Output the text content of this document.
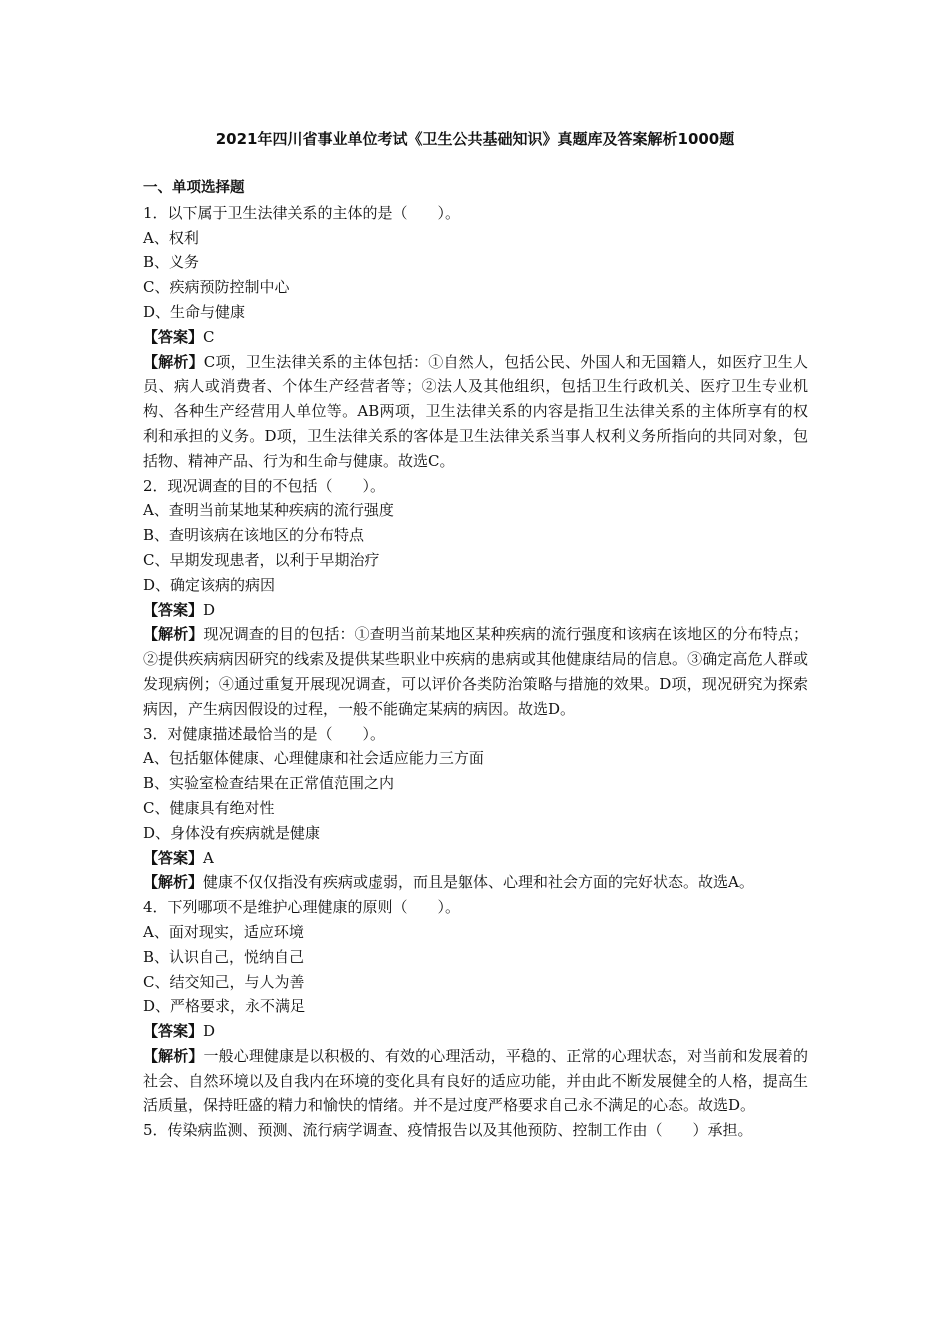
2021年四川省事业单位考试《卫生公共基础知识》真题库及答案解析1000题
一、单项选择题
1．以下属于卫生法律关系的主体的是（　　）。
A、权利
B、义务
C、疾病预防控制中心
D、生命与健康
【答案】C
【解析】C项，卫生法律关系的主体包括：①自然人，包括公民、外国人和无国籍人，如医疗卫生人员、病人或消费者、个体生产经营者等；②法人及其他组织，包括卫生行政机关、医疗卫生专业机构、各种生产经营用人单位等。AB两项，卫生法律关系的内容是指卫生法律关系的主体所享有的权利和承担的义务。D项，卫生法律关系的客体是卫生法律关系当事人权利义务所指向的共同对象，包括物、精神产品、行为和生命与健康。故选C。
2．现况调查的目的不包括（　　）。
A、查明当前某地某种疾病的流行强度
B、查明该病在该地区的分布特点
C、早期发现患者，以利于早期治疗
D、确定该病的病因
【答案】D
【解析】现况调查的目的包括：①查明当前某地区某种疾病的流行强度和该病在该地区的分布特点；②提供疾病病因研究的线索及提供某些职业中疾病的患病或其他健康结局的信息。③确定高危人群或发现病例；④通过重复开展现况调查，可以评价各类防治策略与措施的效果。D项，现况研究为探索病因，产生病因假设的过程，一般不能确定某病的病因。故选D。
3．对健康描述最恰当的是（　　）。
A、包括躯体健康、心理健康和社会适应能力三方面
B、实验室检查结果在正常值范围之内
C、健康具有绝对性
D、身体没有疾病就是健康
【答案】A
【解析】健康不仅仅指没有疾病或虚弱，而且是躯体、心理和社会方面的完好状态。故选A。
4．下列哪项不是维护心理健康的原则（　　）。
A、面对现实，适应环境
B、认识自己，悦纳自己
C、结交知己，与人为善
D、严格要求，永不满足
【答案】D
【解析】一般心理健康是以积极的、有效的心理活动，平稳的、正常的心理状态，对当前和发展着的社会、自然环境以及自我内在环境的变化具有良好的适应功能，并由此不断发展健全的人格，提高生活质量，保持旺盛的精力和愉快的情绪。并不是过度严格要求自己永不满足的心态。故选D。
5．传染病监测、预测、流行病学调查、疫情报告以及其他预防、控制工作由（　　）承担。
